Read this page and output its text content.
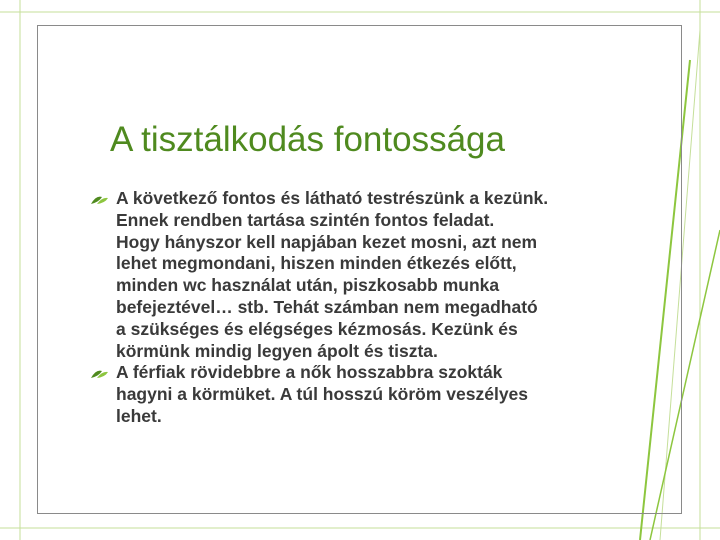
A tisztálkodás fontossága
A következő fontos és látható testrészünk a kezünk.
Ennek rendben tartása szintén fontos feladat.
Hogy hányszor kell napjában kezet mosni, azt nem
lehet megmondani, hiszen minden étkezés előtt,
minden wc használat után, piszkosabb munka
befejeztével… stb. Tehát számban nem megadható
a szükséges és elégséges kézmosás. Kezünk és
körmünk mindig legyen ápolt és tiszta.
A férfiak rövidebbre a nők hosszabbra szokták
hagyni a körmüket. A túl hosszú köröm veszélyes
lehet.
